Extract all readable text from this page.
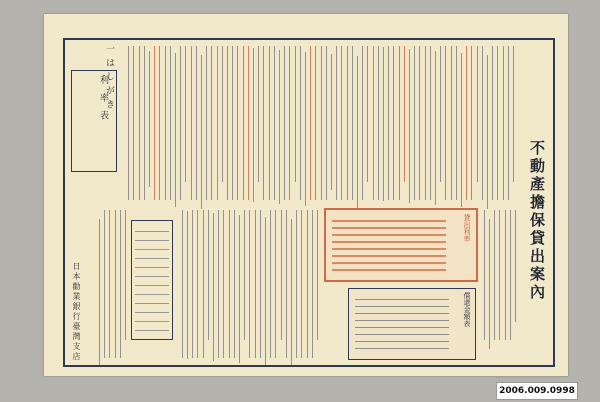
一 は し が き
利 率 表
不動產擔保貸出案內
日本勸業銀行臺灣支店
貸出利率
償還金額表
2006.009.0998
